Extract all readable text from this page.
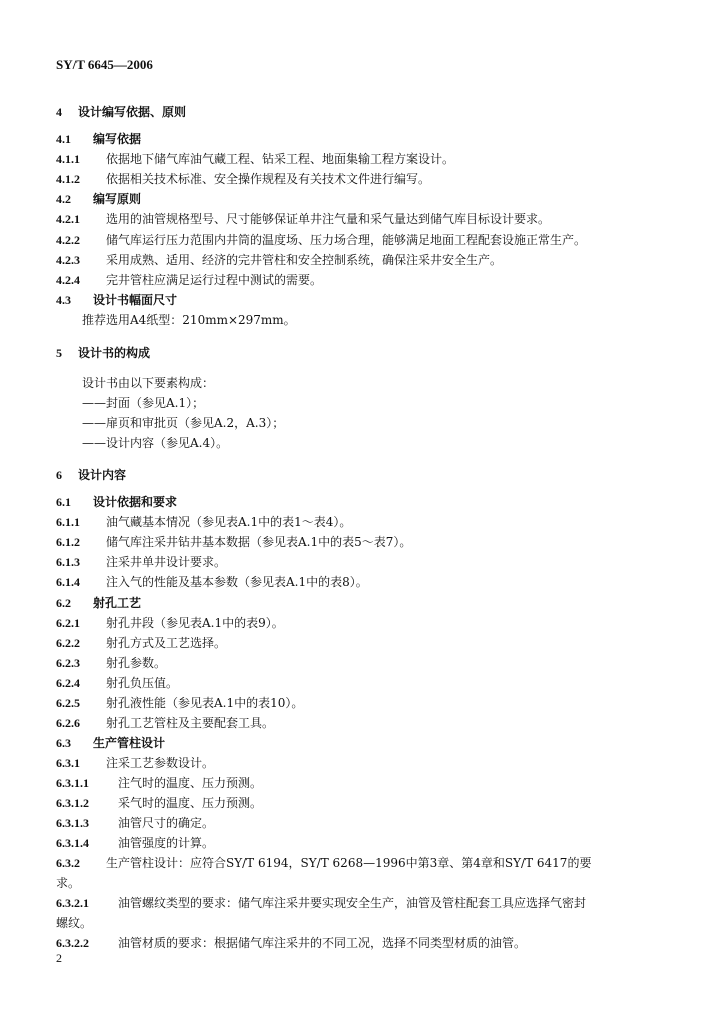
SY/T 6645—2006
4 设计编写依据、原则
4.1 编写依据
4.1.1 依据地下储气库油气藏工程、钻采工程、地面集输工程方案设计。
4.1.2 依据相关技术标准、安全操作规程及有关技术文件进行编写。
4.2 编写原则
4.2.1 选用的油管规格型号、尺寸能够保证单井注气量和采气量达到储气库目标设计要求。
4.2.2 储气库运行压力范围内井筒的温度场、压力场合理，能够满足地面工程配套设施正常生产。
4.2.3 采用成熟、适用、经济的完井管柱和安全控制系统，确保注采井安全生产。
4.2.4 完井管柱应满足运行过程中测试的需要。
4.3 设计书幅面尺寸
推荐选用A4纸型：210mm×297mm。
5 设计书的构成
设计书由以下要素构成：
——封面（参见A.1）；
——扉页和审批页（参见A.2，A.3）；
——设计内容（参见A.4）。
6 设计内容
6.1 设计依据和要求
6.1.1 油气藏基本情况（参见表A.1中的表1～表4）。
6.1.2 储气库注采井钻井基本数据（参见表A.1中的表5～表7）。
6.1.3 注采井单井设计要求。
6.1.4 注入气的性能及基本参数（参见表A.1中的表8）。
6.2 射孔工艺
6.2.1 射孔井段（参见表A.1中的表9）。
6.2.2 射孔方式及工艺选择。
6.2.3 射孔参数。
6.2.4 射孔负压值。
6.2.5 射孔液性能（参见表A.1中的表10）。
6.2.6 射孔工艺管柱及主要配套工具。
6.3 生产管柱设计
6.3.1 注采工艺参数设计。
6.3.1.1 注气时的温度、压力预测。
6.3.1.2 采气时的温度、压力预测。
6.3.1.3 油管尺寸的确定。
6.3.1.4 油管强度的计算。
6.3.2 生产管柱设计：应符合SY/T 6194，SY/T 6268—1996中第3章、第4章和SY/T 6417的要
求。
6.3.2.1 油管螺纹类型的要求：储气库注采井要实现安全生产，油管及管柱配套工具应选择气密封
螺纹。
6.3.2.2 油管材质的要求：根据储气库注采井的不同工况，选择不同类型材质的油管。
2
